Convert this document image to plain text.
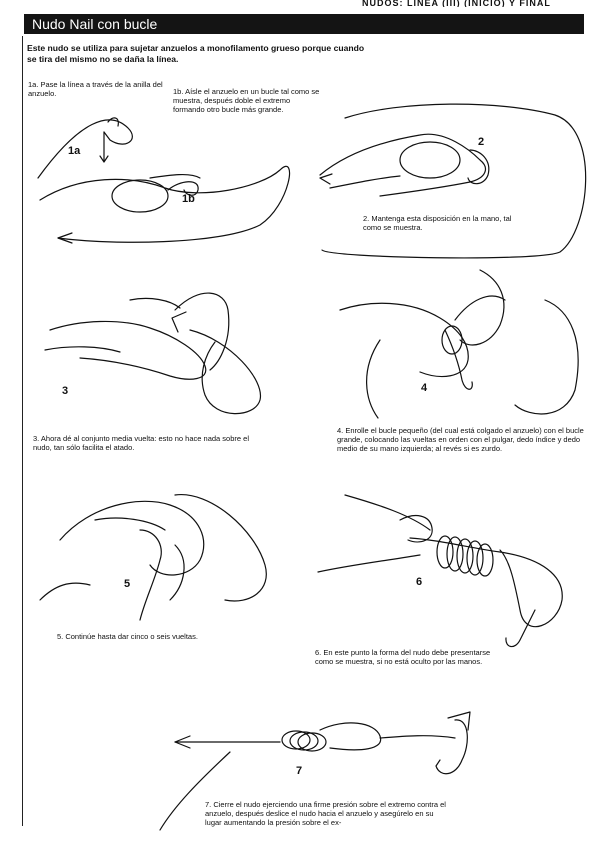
NUDOS: LINEA (III) (INICIO) Y FINAL
Nudo Nail con bucle
Este nudo se utiliza para sujetar anzuelos a monofilamento grueso porque cuando se tira del mismo no se daña la línea.
1a. Pase la línea a través de la anilla del anzuelo.	1b. Aísle el anzuelo en un bucle tal como se muestra, después doble el extremo formando otro bucle más grande.
2. Mantenga esta disposición en la mano, tal como se muestra.
3. Ahora dé al conjunto media vuelta: esto no hace nada sobre el nudo, tan sólo facilita el atado.
4. Enrolle el bucle pequeño (del cual está colgado el anzuelo) con el bucle grande, colocando las vueltas en orden con el pulgar, dedo índice y dedo medio de su mano izquierda; al revés si es zurdo.
5. Continúe hasta dar cinco o seis vueltas.
6. En este punto la forma del nudo debe presentarse como se muestra, si no está oculto por las manos.
7. Cierre el nudo ejerciendo una firme presión sobre el extremo contra el anzuelo, después deslice el nudo hacia el anzuelo y asegúrelo en su lugar aumentando la presión sobre el ex-
1a
1b
2
3	4
5	6
7
